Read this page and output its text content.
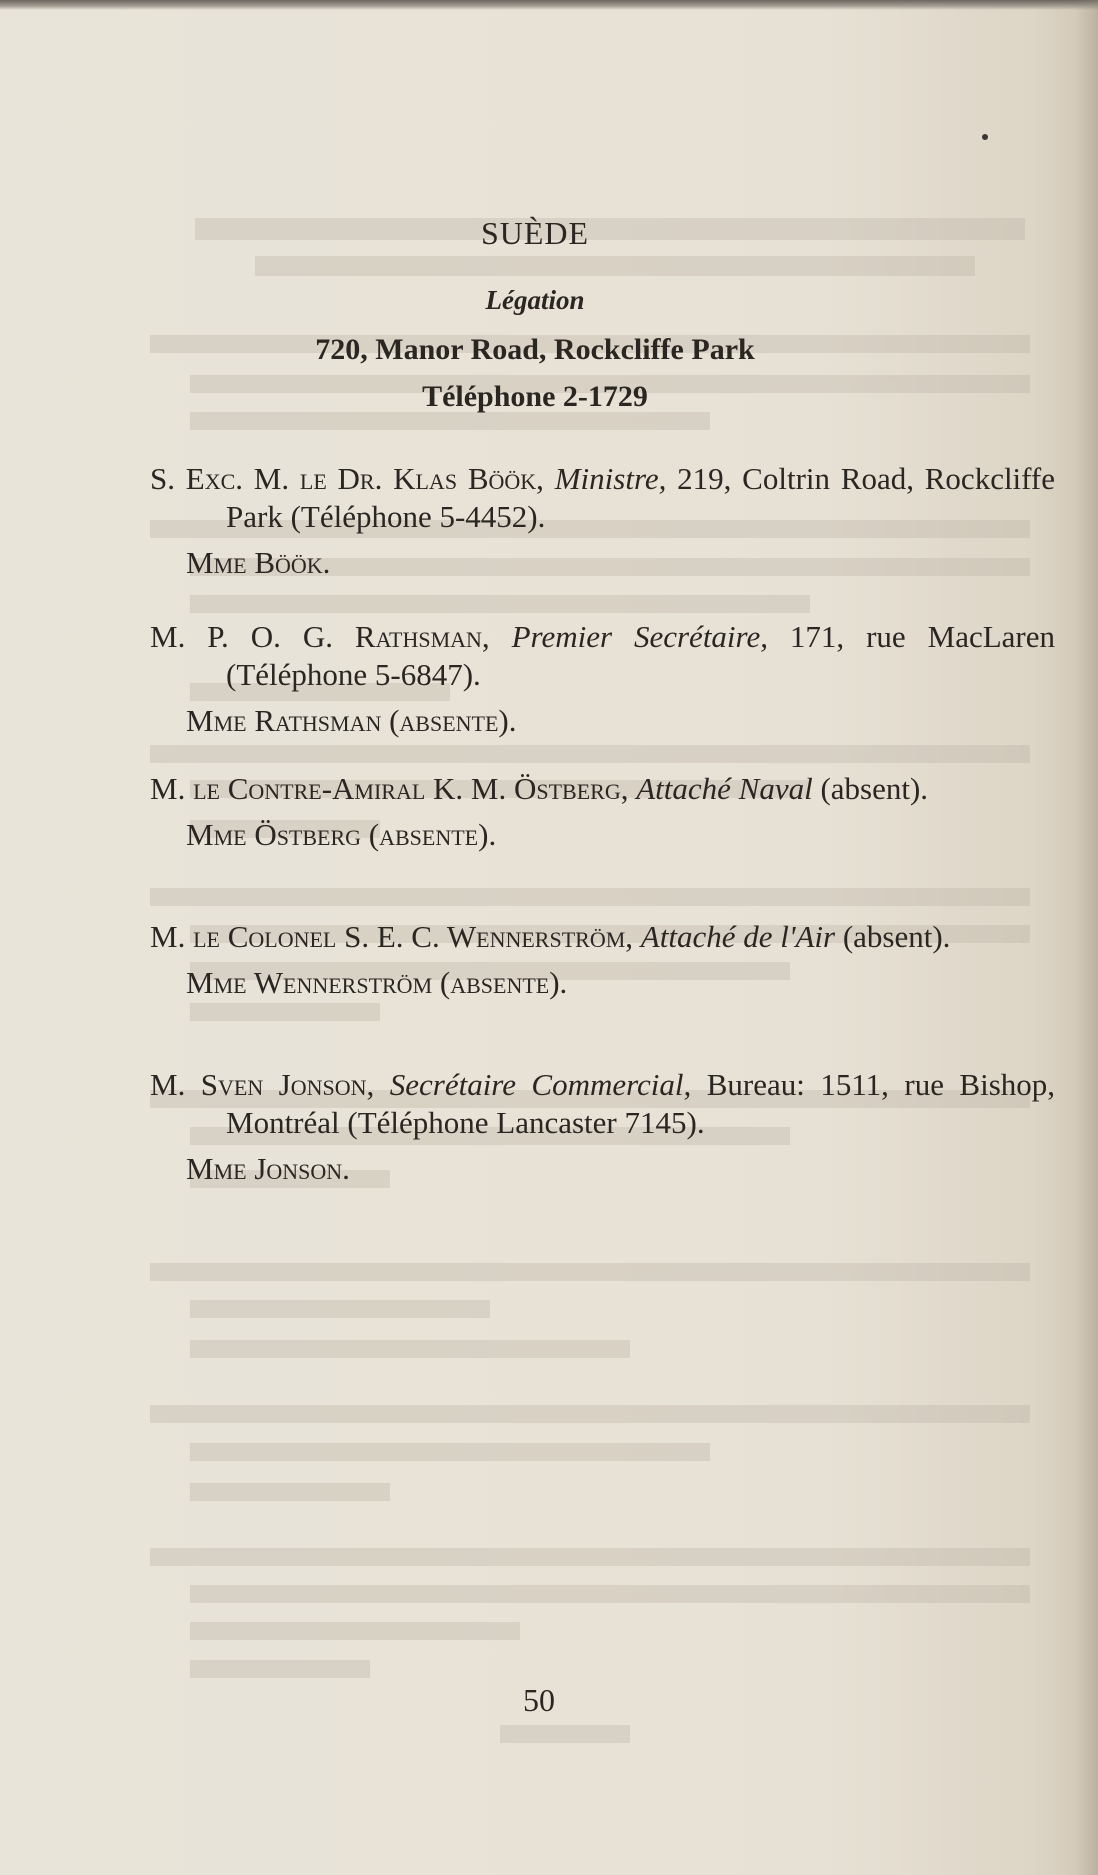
SUÈDE
Légation
720, Manor Road, Rockcliffe Park
Téléphone 2-1729
S. Exc. M. le Dr. Klas Böök, Ministre, 219, Coltrin Road, Rockcliffe Park (Téléphone 5-4452).
Mme Böök.
M. P. O. G. Rathsman, Premier Secrétaire, 171, rue MacLaren (Téléphone 5-6847).
Mme Rathsman (absente).
M. le Contre-Amiral K. M. Östberg, Attaché Naval (absent).
Mme Östberg (absente).
M. le Colonel S. E. C. Wennerström, Attaché de l'Air (absent).
Mme Wennerström (absente).
M. Sven Jonson, Secrétaire Commercial, Bureau: 1511, rue Bishop, Montréal (Téléphone Lancaster 7145).
Mme Jonson.
50
